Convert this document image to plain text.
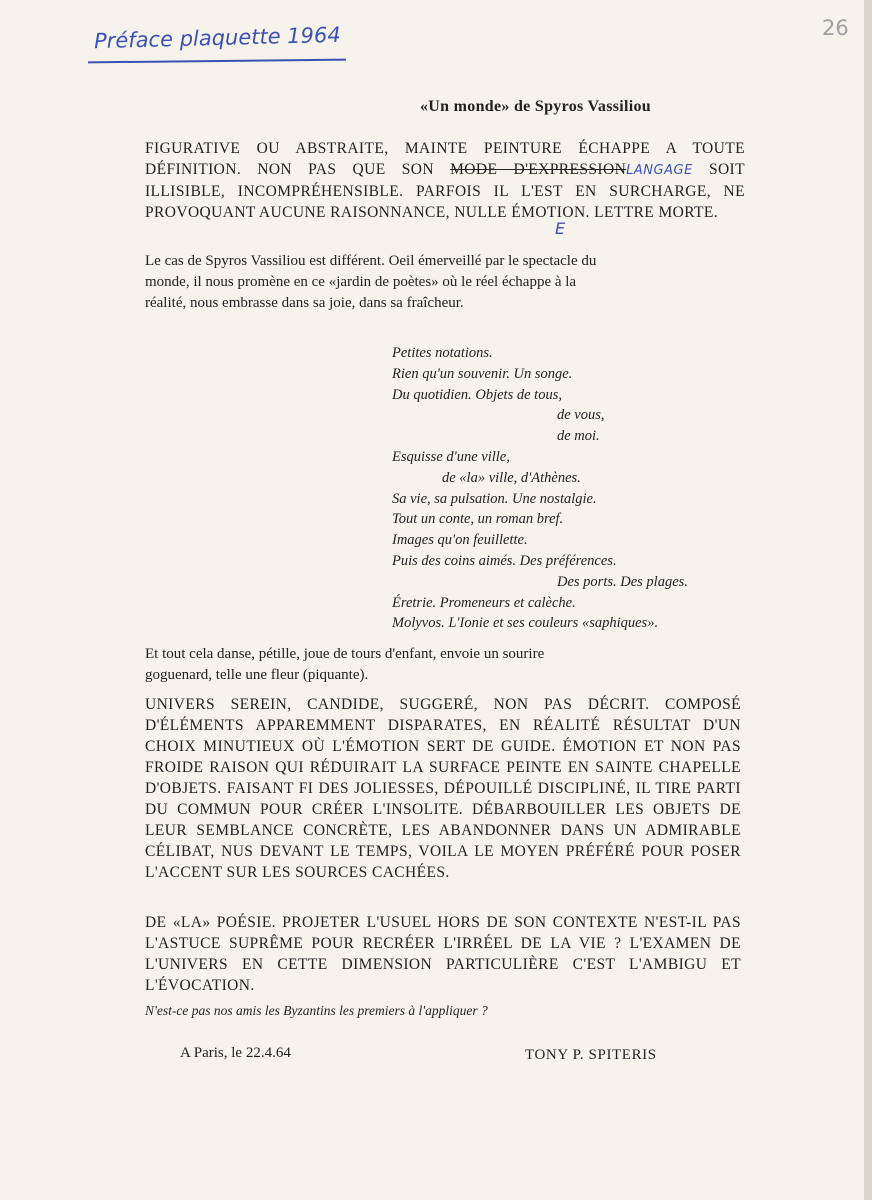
Préface plaquette 1964	26
«Un monde» de Spyros Vassiliou
FIGURATIVE OU ABSTRAITE, MAINTE PEINTURE ÉCHAPPE A TOUTE DÉFINITION. NON PAS QUE SON MODE D'EXPRESSIONLANGAGE SOIT ILLISIBLE, INCOMPRÉHENSIBLE. PARFOIS IL L'EST EN SURCHARGE, NE PROVOQUANT AUCUNE RAISONNANCE, NULLE ÉMOTION. LETTRE MORTE.
E
Le cas de Spyros Vassiliou est différent. Oeil émerveillé par le spectacle du monde, il nous promène en ce «jardin de poètes» où le réel échappe à la réalité, nous embrasse dans sa joie, dans sa fraîcheur.
Petites notations.
Rien qu'un souvenir. Un songe.
Du quotidien. Objets de tous,
de vous,
de moi.
Esquisse d'une ville,
de «la» ville, d'Athènes.
Sa vie, sa pulsation. Une nostalgie.
Tout un conte, un roman bref.
Images qu'on feuillette.
Puis des coins aimés. Des préférences.
Des ports. Des plages.
Éretrie. Promeneurs et calèche.
Molyvos. L'Ionie et ses couleurs «saphiques».
Et tout cela danse, pétille, joue de tours d'enfant, envoie un sourire goguenard, telle une fleur (piquante).
UNIVERS SEREIN, CANDIDE, SUGGERÉ, NON PAS DÉCRIT. COMPOSÉ D'ÉLÉMENTS APPAREMMENT DISPARATES, EN RÉALITÉ RÉSULTAT D'UN CHOIX MINUTIEUX OÙ L'ÉMOTION SERT DE GUIDE. ÉMOTION ET NON PAS FROIDE RAISON QUI RÉDUIRAIT LA SURFACE PEINTE EN SAINTE CHAPELLE D'OBJETS. FAISANT FI DES JOLIESSES, DÉPOUILLÉ DISCIPLINÉ, IL TIRE PARTI DU COMMUN POUR CRÉER L'INSOLITE. DÉBARBOUILLER LES OBJETS DE LEUR SEMBLANCE CONCRÈTE, LES ABANDONNER DANS UN ADMIRABLE CÉLIBAT, NUS DEVANT LE TEMPS, VOILA LE MOYEN PRÉFÉRÉ POUR POSER L'ACCENT SUR LES SOURCES CACHÉES.
DE «LA» POÉSIE. PROJETER L'USUEL HORS DE SON CONTEXTE N'EST-IL PAS L'ASTUCE SUPRÊME POUR RECRÉER L'IRRÉEL DE LA VIE ? L'EXAMEN DE L'UNIVERS EN CETTE DIMENSION PARTICULIÈRE C'EST L'AMBIGU ET L'ÉVOCATION.
N'est-ce pas nos amis les Byzantins les premiers à l'appliquer ?
A Paris, le 22.4.64	TONY P. SPITERIS
